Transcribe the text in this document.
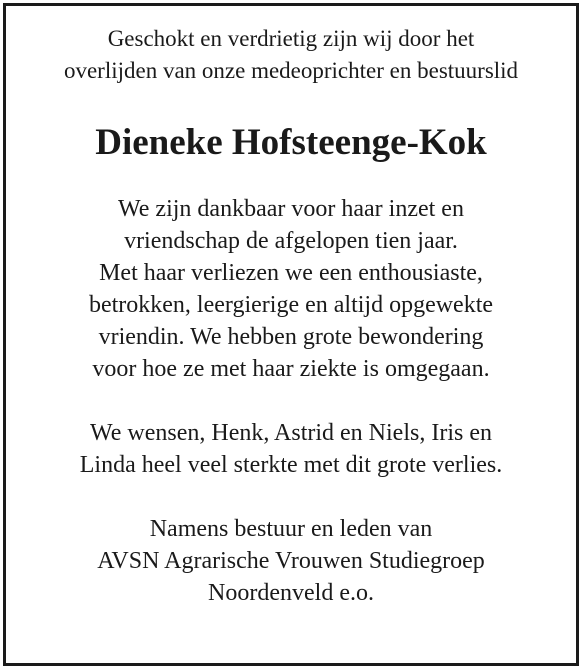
Geschokt en verdrietig zijn wij door het
overlijden van onze medeoprichter en bestuurslid

Dieneke Hofsteenge-Kok

We zijn dankbaar voor haar inzet en
vriendschap de afgelopen tien jaar.
Met haar verliezen we een enthousiaste,
betrokken, leergierige en altijd opgewekte
vriendin. We hebben grote bewondering
voor hoe ze met haar ziekte is omgegaan.

We wensen, Henk, Astrid en Niels, Iris en
Linda heel veel sterkte met dit grote verlies.

Namens bestuur en leden van
AVSN Agrarische Vrouwen Studiegroep
Noordenveld e.o.
